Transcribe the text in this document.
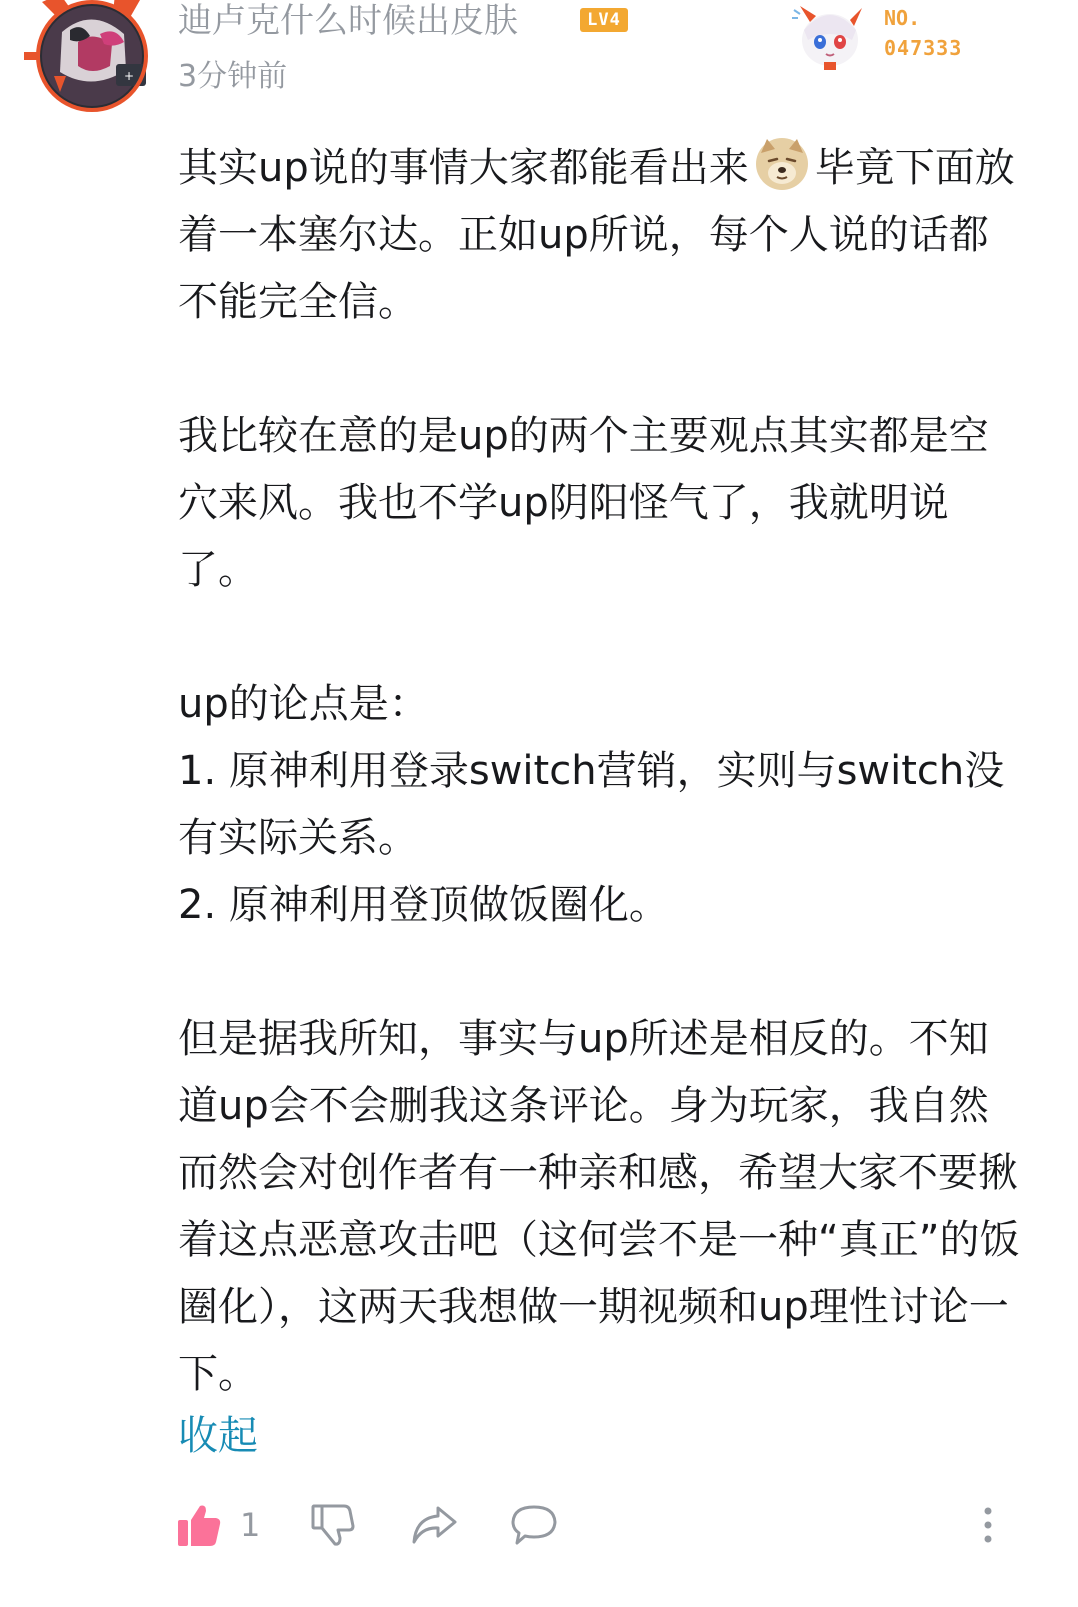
+
迪卢克什么时候出皮肤	LV4
3分钟前
NO.
047333

其实up说的事情大家都能看出来 毕竟下面放着一本塞尔达。正如up所说，每个人说的话都不能完全信。

我比较在意的是up的两个主要观点其实都是空穴来风。我也不学up阴阳怪气了，我就明说了。

up的论点是：

1. 原神利用登录switch营销，实则与switch没有实际关系。

2. 原神利用登顶做饭圈化。

但是据我所知，事实与up所述是相反的。不知道up会不会删我这条评论。身为玩家，我自然而然会对创作者有一种亲和感，希望大家不要揪着这点恶意攻击吧（这何尝不是一种“真正”的饭圈化），这两天我想做一期视频和up理性讨论一下。

收起
1
